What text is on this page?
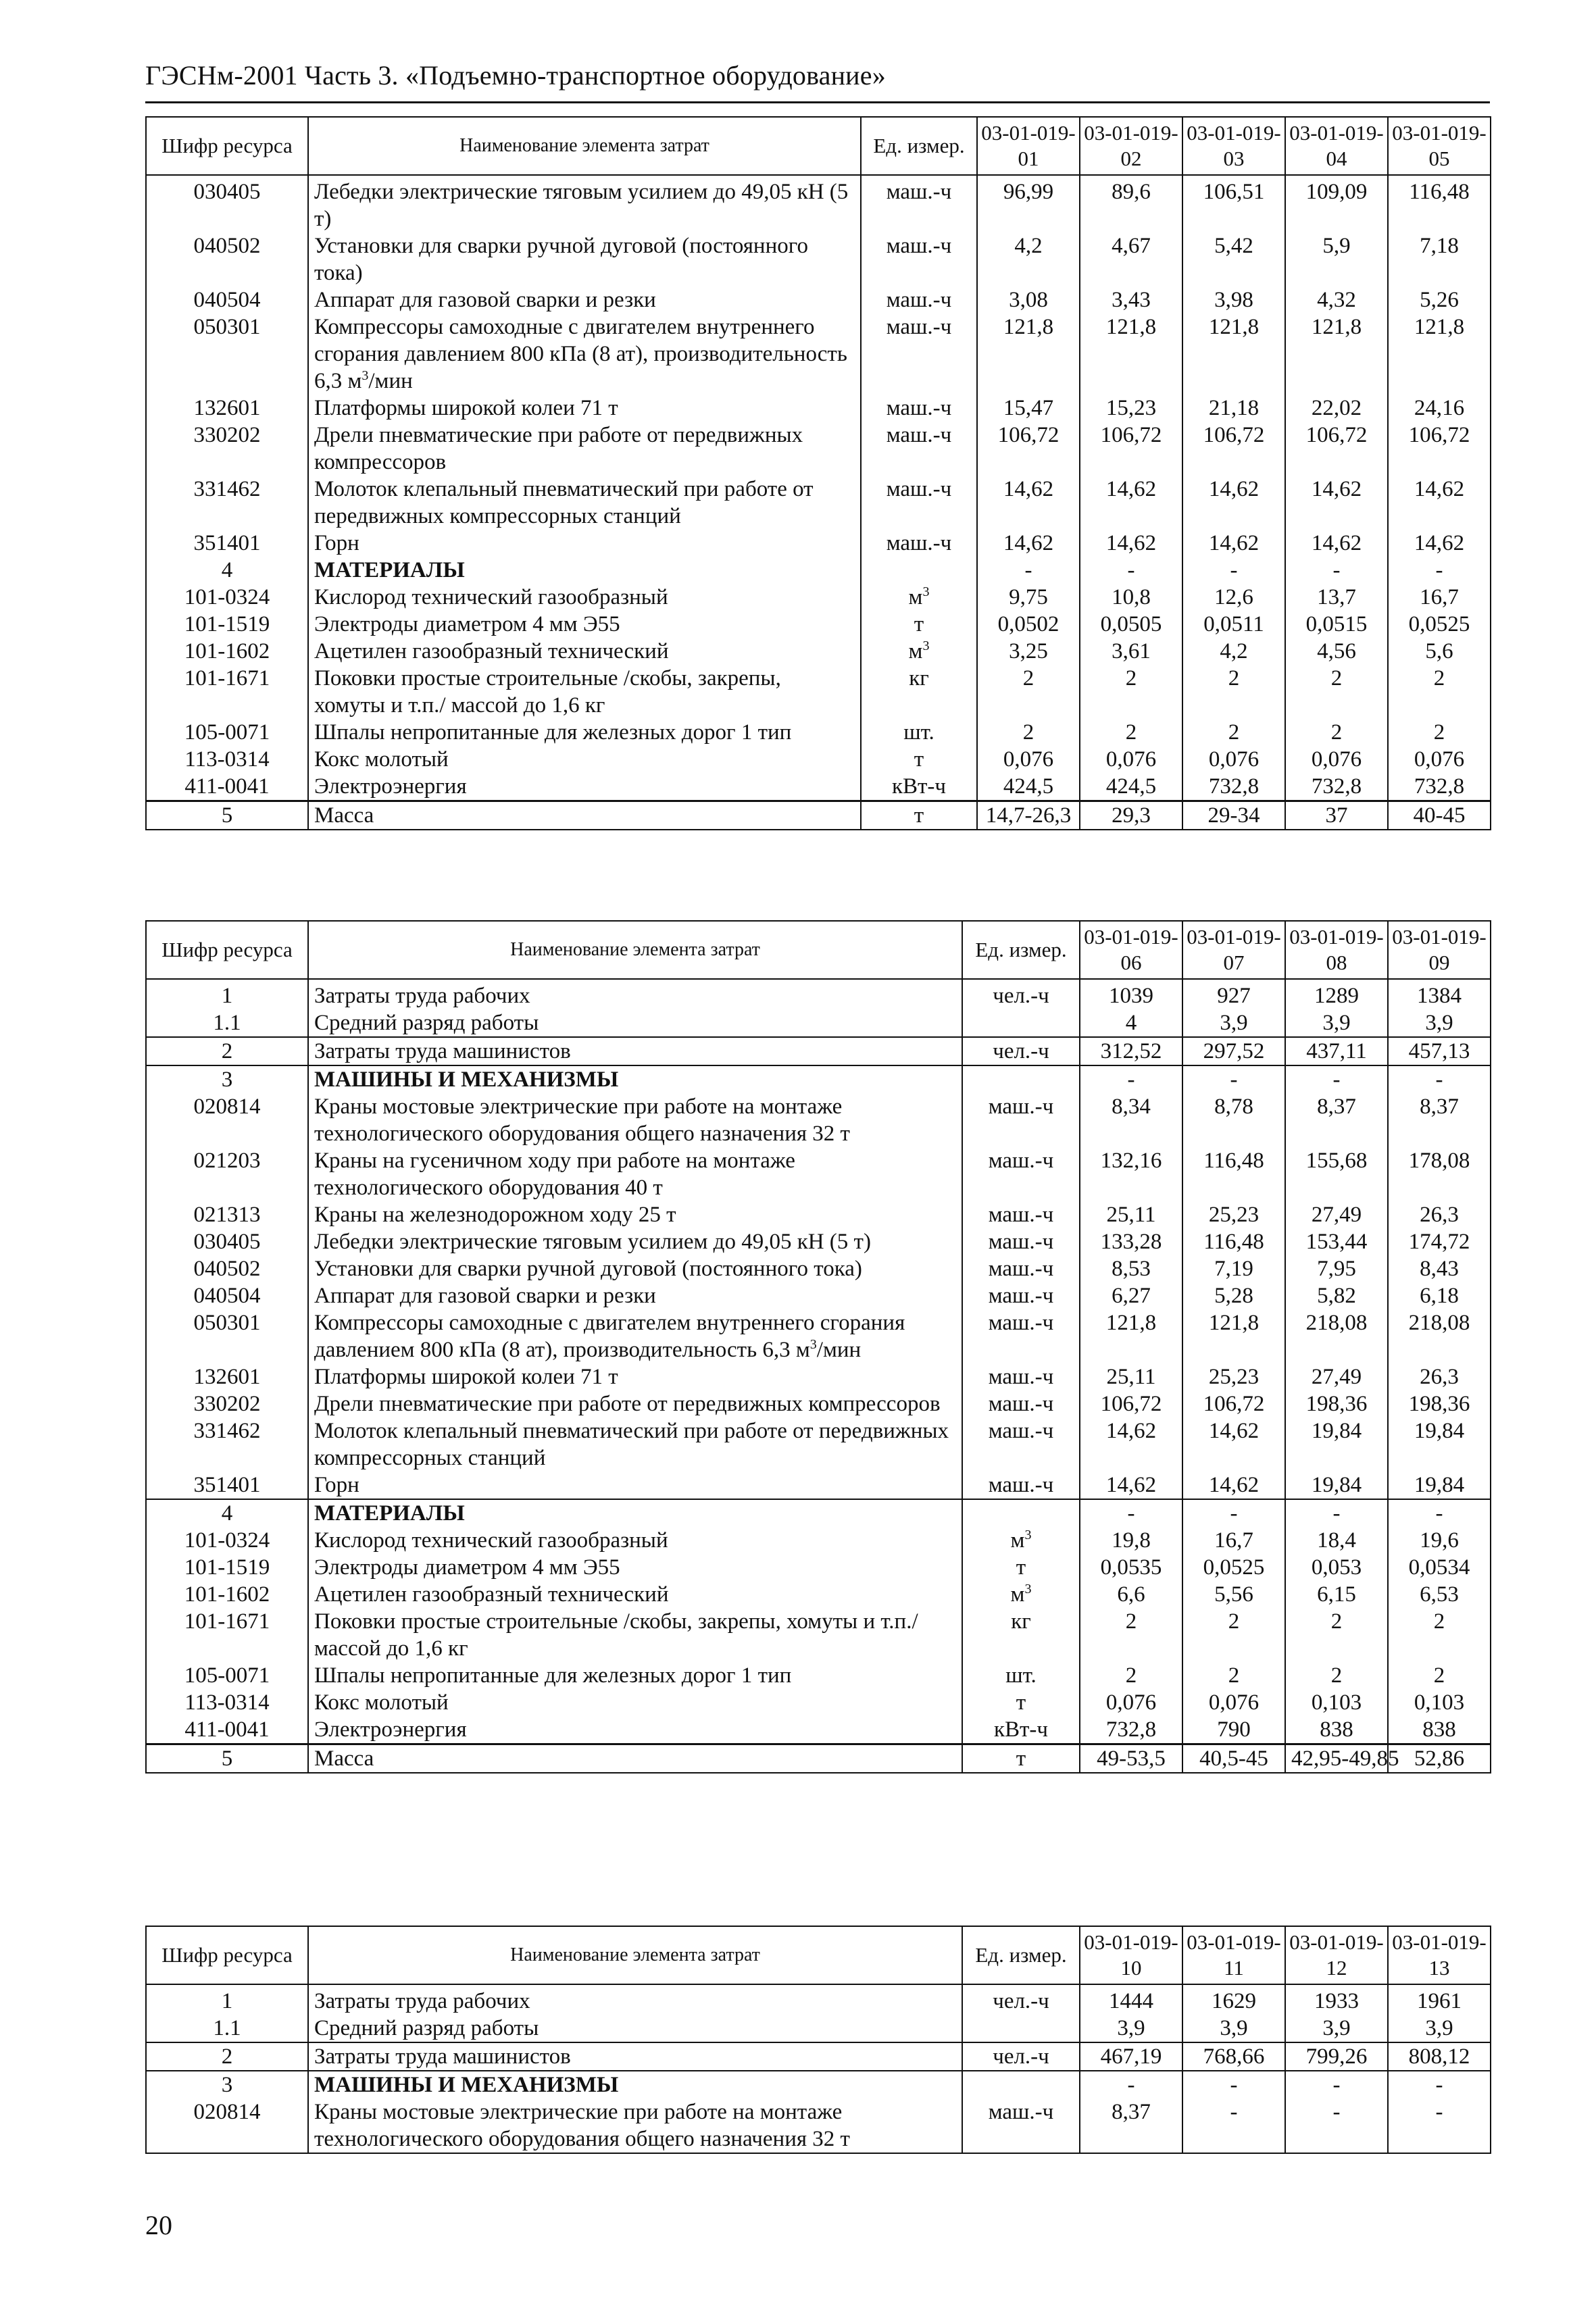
ГЭСНм-2001 Часть 3. «Подъемно-транспортное оборудование»
Шифр ресурса	Наименование элемента затрат	Ед. измер.	03-01-019-01	03-01-019-02	03-01-019-03	03-01-019-04	03-01-019-05
030405	Лебедки электрические тяговым усилием до 49,05 кН (5 т)	маш.-ч	96,99	89,6	106,51	109,09	116,48
040502	Установки для сварки ручной дуговой (постоянного тока)	маш.-ч	4,2	4,67	5,42	5,9	7,18
040504	Аппарат для газовой сварки и резки	маш.-ч	3,08	3,43	3,98	4,32	5,26
050301	Компрессоры самоходные с двигателем внутреннего сгорания давлением 800 кПа (8 ат), производительность 6,3 $м^3$/мин	маш.-ч	121,8	121,8	121,8	121,8	121,8
132601	Платформы широкой колеи 71 т	маш.-ч	15,47	15,23	21,18	22,02	24,16
330202	Дрели пневматические при работе от передвижных компрессоров	маш.-ч	106,72	106,72	106,72	106,72	106,72
331462	Молоток клепальный пневматический при работе от передвижных компрессорных станций	маш.-ч	14,62	14,62	14,62	14,62	14,62
351401	Горн	маш.-ч	14,62	14,62	14,62	14,62	14,62
4	МАТЕРИАЛЫ		-	-	-	-	-
101-0324	Кислород технический газообразный	$м^3$	9,75	10,8	12,6	13,7	16,7
101-1519	Электроды диаметром 4 мм Э55	т	0,0502	0,0505	0,0511	0,0515	0,0525
101-1602	Ацетилен газообразный технический	$м^3$	3,25	3,61	4,2	4,56	5,6
101-1671	Поковки простые строительные /скобы, закрепы, хомуты и т.п./ массой до 1,6 кг	кг	2	2	2	2	2
105-0071	Шпалы непропитанные для железных дорог 1 тип	шт.	2	2	2	2	2
113-0314	Кокс молотый	т	0,076	0,076	0,076	0,076	0,076
411-0041	Электроэнергия	кВт-ч	424,5	424,5	732,8	732,8	732,8
5	Масса	т	14,7-26,3	29,3	29-34	37	40-45
Шифр ресурса	Наименование элемента затрат	Ед. измер.	03-01-019-06	03-01-019-07	03-01-019-08	03-01-019-09
1	Затраты труда рабочих	чел.-ч	1039	927	1289	1384
1.1	Средний разряд работы		4	3,9	3,9	3,9
2	Затраты труда машинистов	чел.-ч	312,52	297,52	437,11	457,13
3	МАШИНЫ И МЕХАНИЗМЫ		-	-	-	-
020814	Краны мостовые электрические при работе на монтаже технологического оборудования общего назначения 32 т	маш.-ч	8,34	8,78	8,37	8,37
021203	Краны на гусеничном ходу при работе на монтаже технологического оборудования 40 т	маш.-ч	132,16	116,48	155,68	178,08
021313	Краны на железнодорожном ходу 25 т	маш.-ч	25,11	25,23	27,49	26,3
030405	Лебедки электрические тяговым усилием до 49,05 кН (5 т)	маш.-ч	133,28	116,48	153,44	174,72
040502	Установки для сварки ручной дуговой (постоянного тока)	маш.-ч	8,53	7,19	7,95	8,43
040504	Аппарат для газовой сварки и резки	маш.-ч	6,27	5,28	5,82	6,18
050301	Компрессоры самоходные с двигателем внутреннего сгорания давлением 800 кПа (8 ат), производительность 6,3 $м^3$/мин	маш.-ч	121,8	121,8	218,08	218,08
132601	Платформы широкой колеи 71 т	маш.-ч	25,11	25,23	27,49	26,3
330202	Дрели пневматические при работе от передвижных компрессоров	маш.-ч	106,72	106,72	198,36	198,36
331462	Молоток клепальный пневматический при работе от передвижных компрессорных станций	маш.-ч	14,62	14,62	19,84	19,84
351401	Горн	маш.-ч	14,62	14,62	19,84	19,84
4	МАТЕРИАЛЫ		-	-	-	-
101-0324	Кислород технический газообразный	$м^3$	19,8	16,7	18,4	19,6
101-1519	Электроды диаметром 4 мм Э55	т	0,0535	0,0525	0,053	0,0534
101-1602	Ацетилен газообразный технический	$м^3$	6,6	5,56	6,15	6,53
101-1671	Поковки простые строительные /скобы, закрепы, хомуты и т.п./ массой до 1,6 кг	кг	2	2	2	2
105-0071	Шпалы непропитанные для железных дорог 1 тип	шт.	2	2	2	2
113-0314	Кокс молотый	т	0,076	0,076	0,103	0,103
411-0041	Электроэнергия	кВт-ч	732,8	790	838	838
5	Масса	т	49-53,5	40,5-45	42,95-49,85	52,86
Шифр ресурса	Наименование элемента затрат	Ед. измер.	03-01-019-10	03-01-019-11	03-01-019-12	03-01-019-13
1	Затраты труда рабочих	чел.-ч	1444	1629	1933	1961
1.1	Средний разряд работы		3,9	3,9	3,9	3,9
2	Затраты труда машинистов	чел.-ч	467,19	768,66	799,26	808,12
3	МАШИНЫ И МЕХАНИЗМЫ		-	-	-	-
020814	Краны мостовые электрические при работе на монтаже технологического оборудования общего назначения 32 т	маш.-ч	8,37	-	-	-
20
